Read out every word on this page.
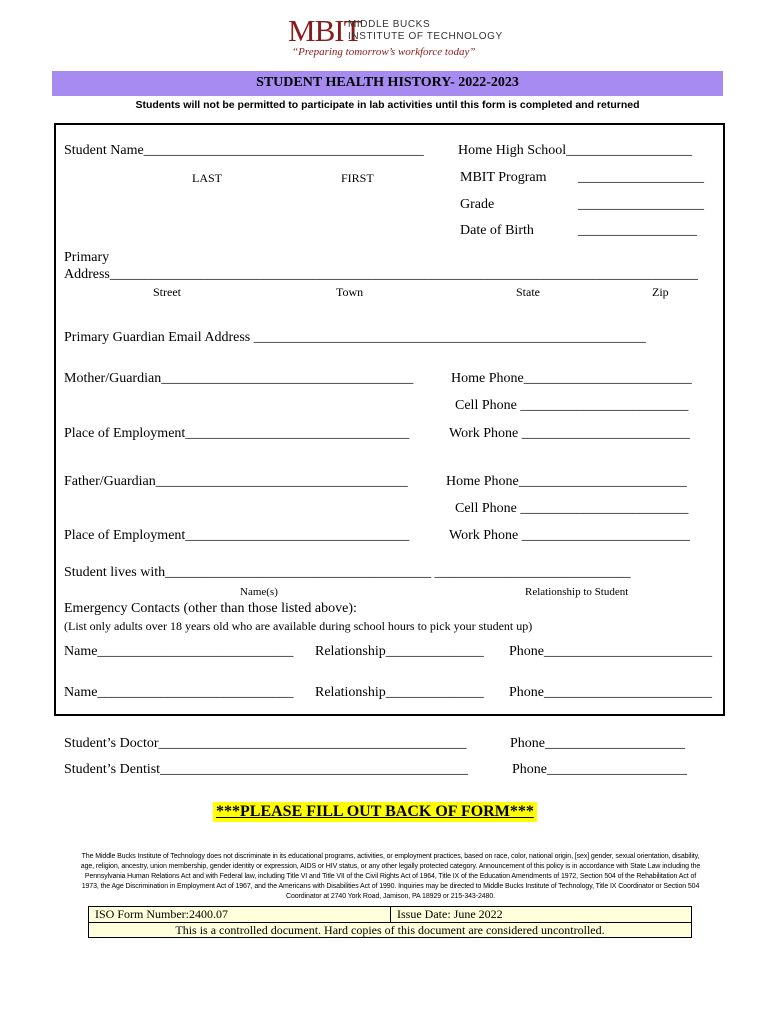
MBIT
MIDDLE BUCKS
INSTITUTE OF TECHNOLOGY
“Preparing tomorrow’s workforce today”
STUDENT HEALTH HISTORY- 2022-2023
Students will not be permitted to participate in lab activities until this form is completed and returned
Student Name________________________________________ Home High School__________________
LAST	FIRST	MBIT Program __________________
Grade	__________________
Date of Birth	_________________
Primary
Address____________________________________________________________________________________
Street	Town	State	Zip
Primary Guardian Email Address ________________________________________________________
Mother/Guardian____________________________________	Home Phone________________________
Cell Phone ________________________
Place of Employment________________________________	Work Phone ________________________
Father/Guardian____________________________________	Home Phone________________________
Cell Phone ________________________
Place of Employment________________________________	Work Phone ________________________
Student lives with______________________________________ ____________________________
Name(s)	Relationship to Student
Emergency Contacts (other than those listed above):
(List only adults over 18 years old who are available during school hours to pick your student up)
Name____________________________ Relationship______________ Phone________________________
Name____________________________ Relationship______________ Phone________________________
Student’s Doctor____________________________________________	Phone____________________
Student’s Dentist____________________________________________	Phone____________________
***PLEASE FILL OUT BACK OF FORM***
The Middle Bucks Institute of Technology does not discriminate in its educational programs, activities, or employment practices, based on race, color, national origin, [sex] gender, sexual orientation, disability, age, religion, ancestry, union membership, gender identity or expression, AIDS or HIV status, or any other legally protected category. Announcement of this policy is in accordance with State Law including the Pennsylvania Human Relations Act and with Federal law, including Title VI and Title VII of the Civil Rights Act of 1964, Title IX of the Education Amendments of 1972, Section 504 of the Rehabilitation Act of 1973, the Age Discrimination in Employment Act of 1967, and the Americans with Disabilities Act of 1990. Inquiries may be directed to Middle Bucks Institute of Technology, Title IX Coordinator or Section 504 Coordinator at 2740 York Road, Jamison, PA 18929 or 215-343-2480.
ISO Form Number:2400.07	Issue Date: June 2022
This is a controlled document. Hard copies of this document are considered uncontrolled.
